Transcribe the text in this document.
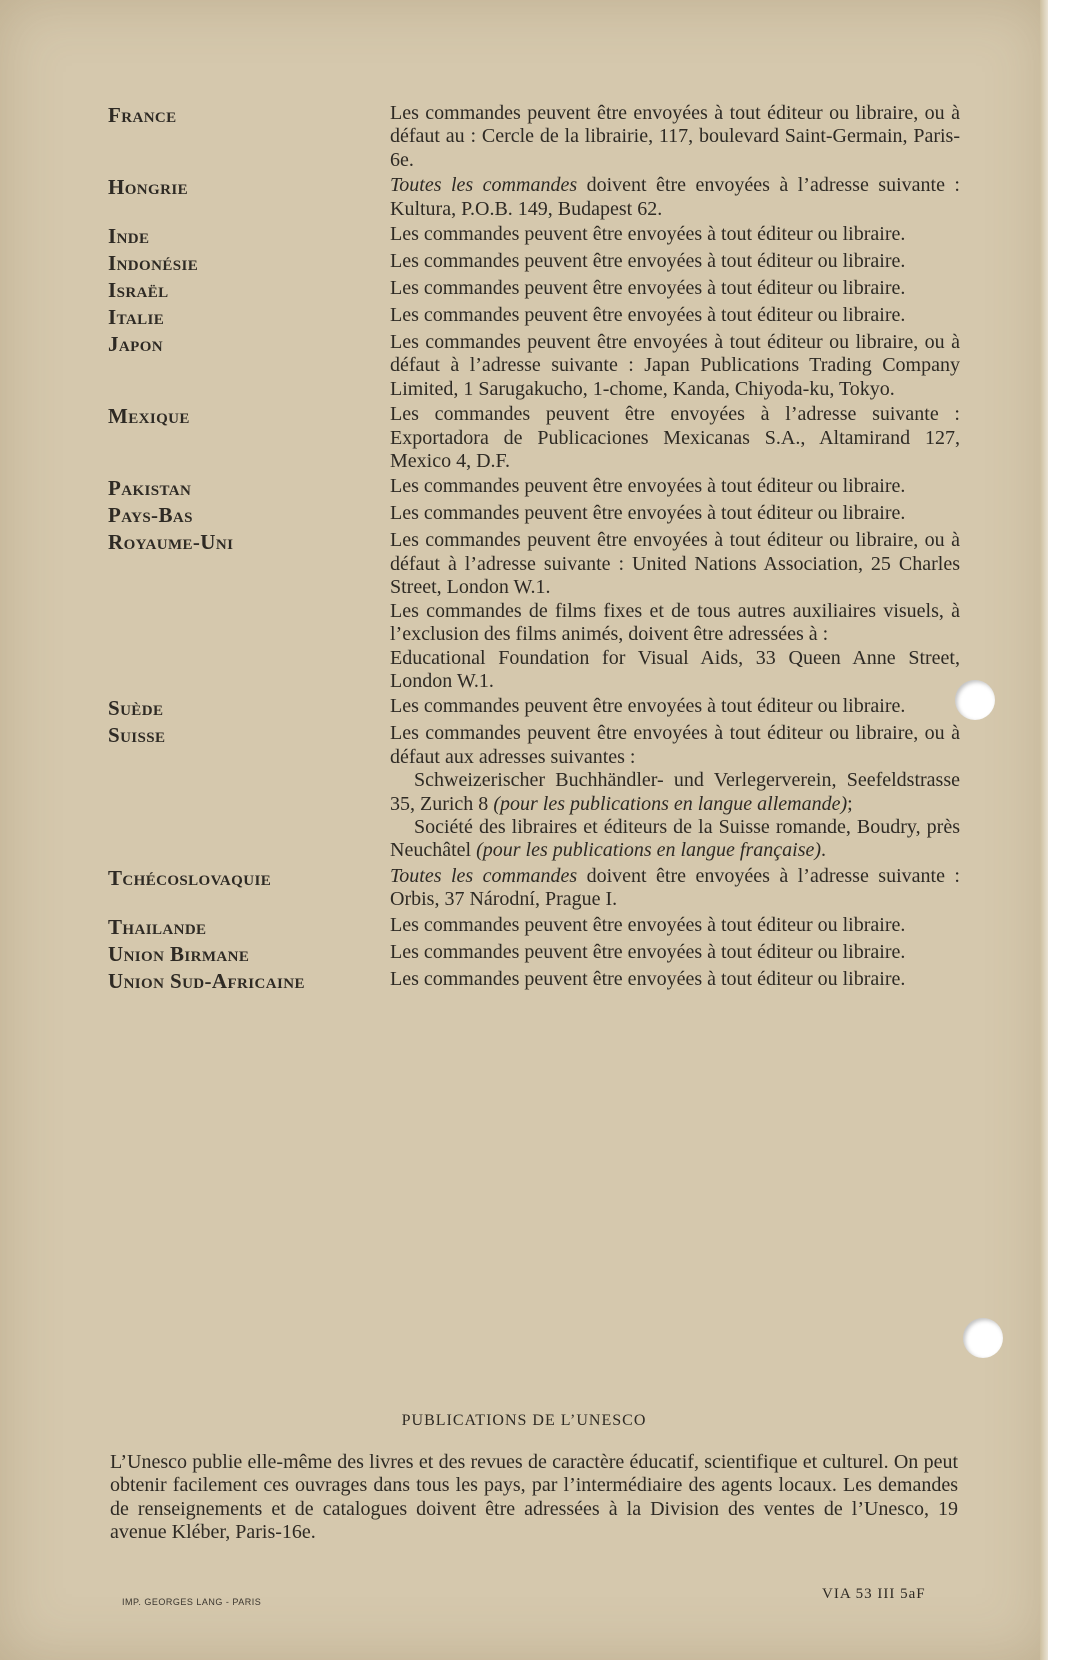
France	Les commandes peuvent être envoyées à tout éditeur ou libraire, ou à défaut au : Cercle de la librairie, 117, boulevard Saint-Germain, Paris-6e.

Hongrie	Toutes les commandes doivent être envoyées à l’adresse suivante : Kultura, P.O.B. 149, Budapest 62.

Inde	Les commandes peuvent être envoyées à tout éditeur ou libraire.

Indonésie	Les commandes peuvent être envoyées à tout éditeur ou libraire.

Israël	Les commandes peuvent être envoyées à tout éditeur ou libraire.

Italie	Les commandes peuvent être envoyées à tout éditeur ou libraire.

Japon	Les commandes peuvent être envoyées à tout éditeur ou libraire, ou à défaut à l’adresse suivante : Japan Publications Trading Company Limited, 1 Sarugakucho, 1-chome, Kanda, Chiyoda-ku, Tokyo.

Mexique	Les commandes peuvent être envoyées à l’adresse suivante : Exportadora de Publicaciones Mexicanas S.A., Altamirand 127, Mexico 4, D.F.

Pakistan	Les commandes peuvent être envoyées à tout éditeur ou libraire.

Pays-Bas	Les commandes peuvent être envoyées à tout éditeur ou libraire.

Royaume-Uni	Les commandes peuvent être envoyées à tout éditeur ou libraire, ou à défaut à l’adresse suivante : United Nations Association, 25 Charles Street, London W.1.

Les commandes de films fixes et de tous autres auxiliaires visuels, à l’exclusion des films animés, doivent être adressées à :

Educational Foundation for Visual Aids, 33 Queen Anne Street, London W.1.

Suède	Les commandes peuvent être envoyées à tout éditeur ou libraire.

Suisse	Les commandes peuvent être envoyées à tout éditeur ou libraire, ou à défaut aux adresses suivantes :

Schweizerischer Buchhändler- und Verlegerverein, Seefeldstrasse 35, Zurich 8 (pour les publications en langue allemande);

Société des libraires et éditeurs de la Suisse romande, Boudry, près Neuchâtel (pour les publications en langue française).

Tchécoslovaquie	Toutes les commandes doivent être envoyées à l’adresse suivante : Orbis, 37 Národní, Prague I.

Thailande	Les commandes peuvent être envoyées à tout éditeur ou libraire.

Union Birmane	Les commandes peuvent être envoyées à tout éditeur ou libraire.

Union Sud-Africaine	Les commandes peuvent être envoyées à tout éditeur ou libraire.

PUBLICATIONS DE L’UNESCO

L’Unesco publie elle-même des livres et des revues de caractère éducatif, scientifique et culturel. On peut obtenir facilement ces ouvrages dans tous les pays, par l’intermédiaire des agents locaux. Les demandes de renseignements et de catalogues doivent être adressées à la Division des ventes de l’Unesco, 19 avenue Kléber, Paris-16e.

IMP. GEORGES LANG - PARIS	VIA 53 III 5aF
